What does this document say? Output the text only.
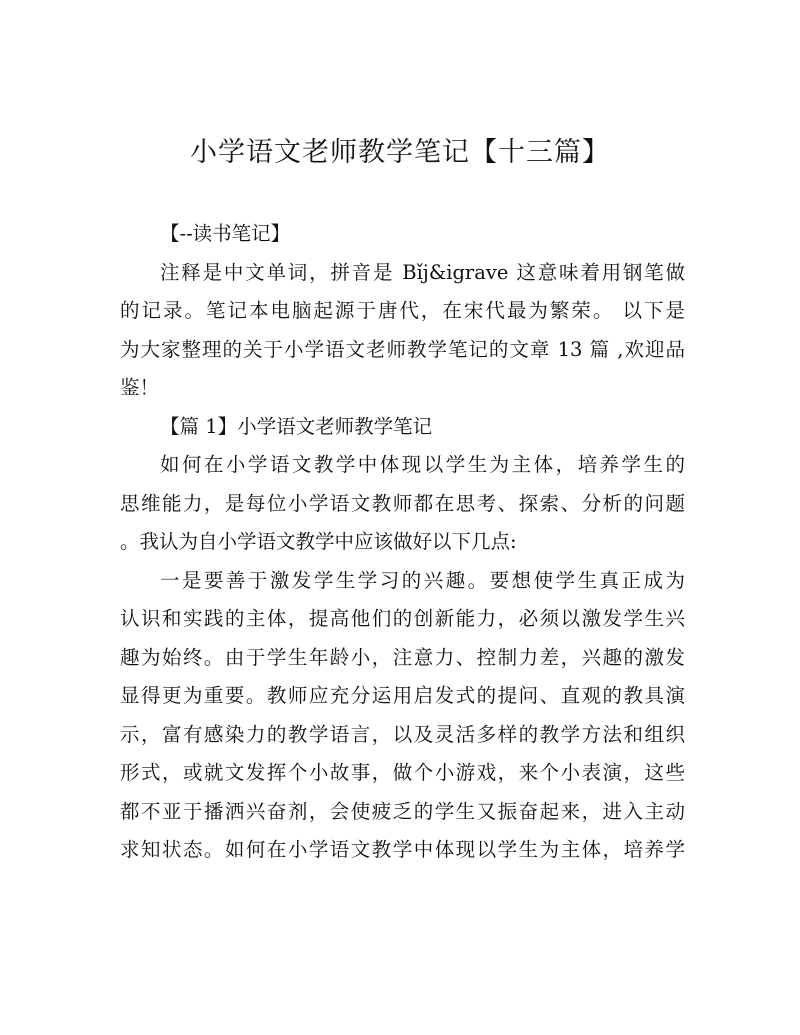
小学语文老师教学笔记【十三篇】
【--读书笔记】
注释是中文单词，拼音是 Bǐj&igrave 这意味着用钢笔做
的记录。笔记本电脑起源于唐代，在宋代最为繁荣。 以下是
为大家整理的关于小学语文老师教学笔记的文章 13 篇 ,欢迎品
鉴！
【篇 1】小学语文老师教学笔记
如何在小学语文教学中体现以学生为主体，培养学生的
思维能力，是每位小学语文教师都在思考、探索、分析的问题
。我认为自小学语文教学中应该做好以下几点:
一是要善于激发学生学习的兴趣。要想使学生真正成为
认识和实践的主体，提高他们的创新能力，必须以激发学生兴
趣为始终。由于学生年龄小，注意力、控制力差，兴趣的激发
显得更为重要。教师应充分运用启发式的提问、直观的教具演
示，富有感染力的教学语言，以及灵活多样的教学方法和组织
形式，或就文发挥个小故事，做个小游戏，来个小表演，这些
都不亚于播洒兴奋剂，会使疲乏的学生又振奋起来，进入主动
求知状态。如何在小学语文教学中体现以学生为主体，培养学
